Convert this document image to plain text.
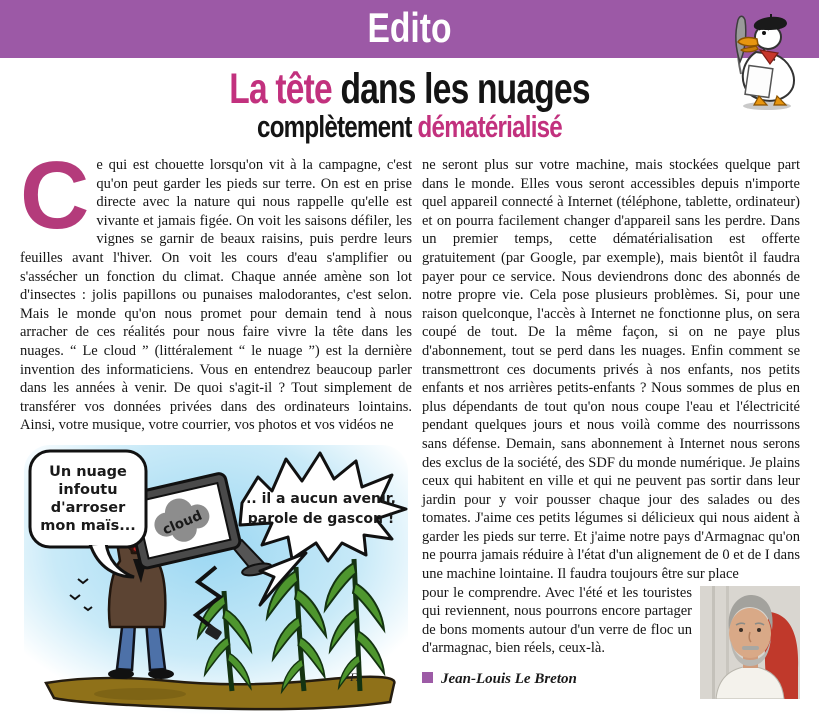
Edito
La tête dans les nuages
complètement dématérialisé

Ce qui est chouette lorsqu'on vit à la campagne, c'est qu'on peut garder les pieds sur terre. On est en prise directe avec la nature qui nous rappelle qu'elle est vivante et jamais figée. On voit les saisons défiler, les vignes se garnir de beaux raisins, puis perdre leurs feuilles avant l'hiver. On voit les cours d'eau s'amplifier ou s'assécher un fonction du climat. Chaque année amène son lot d'insectes : jolis papillons ou punaises malodorantes, c'est selon. Mais le monde qu'on nous promet pour demain tend à nous arracher de ces réalités pour nous faire vivre la tête dans les nuages. “ Le cloud ” (littéralement “ le nuage ”) est la dernière invention des informaticiens. Vous en entendrez beaucoup parler dans les années à venir. De quoi s'agit-il ? Tout simplement de transférer vos données privées dans des ordinateurs lointains. Ainsi, votre musique, votre courrier, vos photos et vos vidéos ne

cloud
Un nuage
infoutu
d'arroser
mon maïs...
.. il a aucun avenir,
parole de gascon !
F.

ne seront plus sur votre machine, mais stockées quelque part dans le monde. Elles vous seront accessibles depuis n'importe quel appareil connecté à Internet (téléphone, tablette, ordinateur) et on pourra facilement changer d'appareil sans les perdre. Dans un premier temps, cette dématérialisation est offerte gratuitement (par Google, par exemple), mais bientôt il faudra payer pour ce service. Nous deviendrons donc des abonnés de notre propre vie. Cela pose plusieurs problèmes. Si, pour une raison quelconque, l'accès à Internet ne fonctionne plus, on sera coupé de tout. De la même façon, si on ne paye plus d'abonnement, tout se perd dans les nuages. Enfin comment se transmettront ces documents privés à nos enfants, nos petits enfants et nos arrières petits-enfants ? Nous sommes de plus en plus dépendants de tout qu'on nous coupe l'eau et l'électricité pendant quelques jours et nous voilà comme des nourrissons sans défense. Demain, sans abonnement à Internet nous serons des exclus de la société, des SDF du monde numérique. Je plains ceux qui habitent en ville et qui ne peuvent pas sortir dans leur jardin pour y voir pousser chaque jour des salades ou des tomates. J'aime ces petits légumes si délicieux qui nous aident à garder les pieds sur terre. Et j'aime notre pays d'Armagnac qu'on ne pourra jamais réduire à l'état d'un alignement de 0 et de I dans une machine lointaine. Il faudra toujours être sur place

pour le comprendre. Avec l'été et les touristes qui reviennent, nous pourrons encore partager de bons moments autour d'un verre de floc un d'armagnac, bien réels, ceux-là.

Jean-Louis Le Breton
